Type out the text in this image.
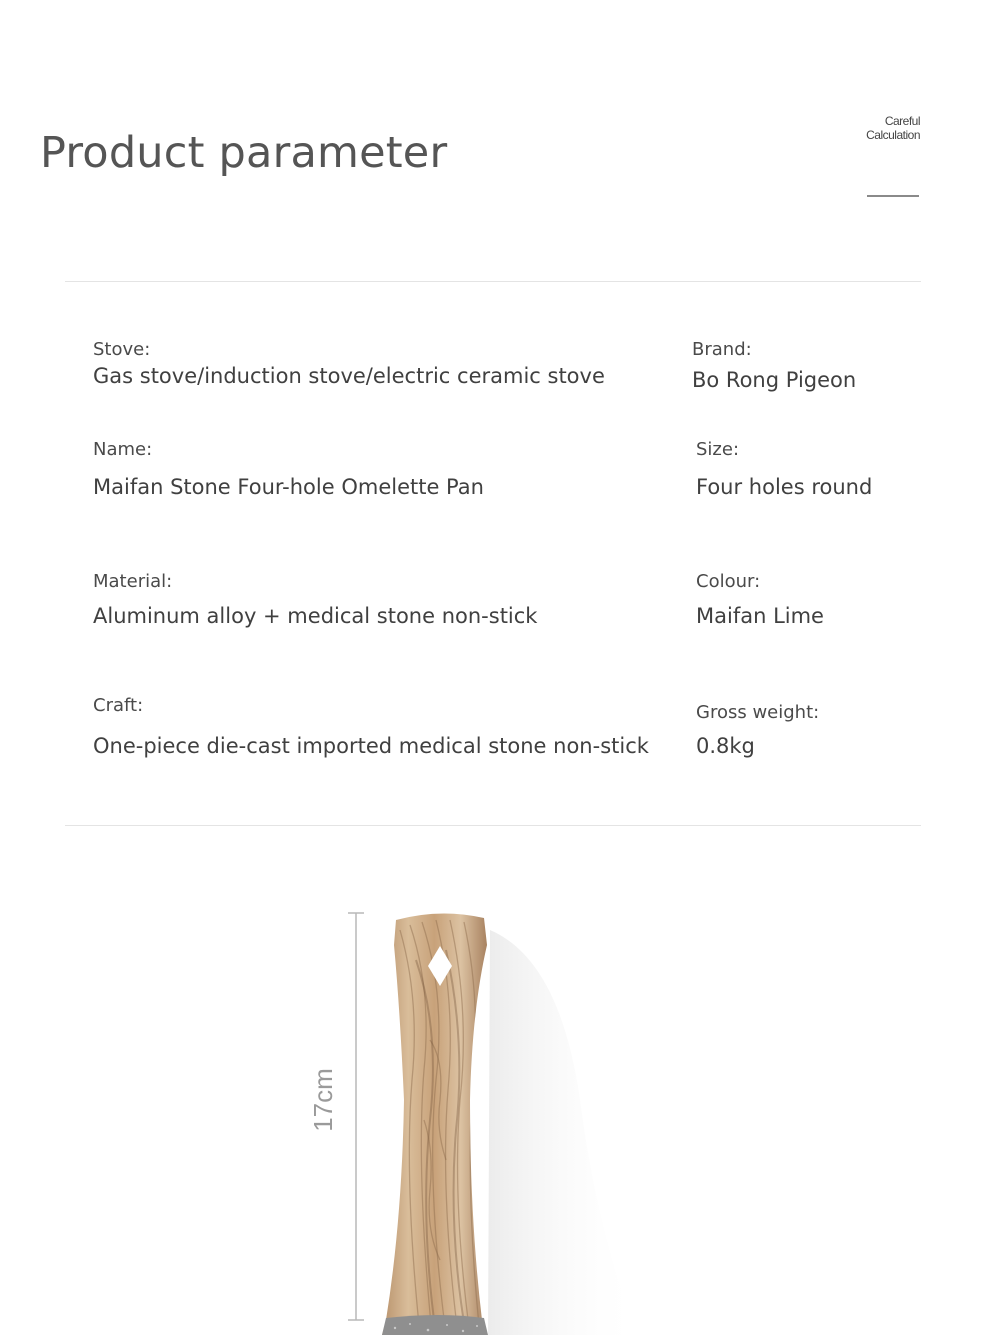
Product parameter
Careful
Calculation
Stove:
Gas stove/induction stove/electric ceramic stove
Brand:
Bo Rong Pigeon
Name:
Maifan Stone Four-hole Omelette Pan
Size:
Four holes round
Material:
Aluminum alloy + medical stone non-stick
Colour:
Maifan Lime
Craft:
One-piece die-cast imported medical stone non-stick
Gross weight:
0.8kg
17cm
